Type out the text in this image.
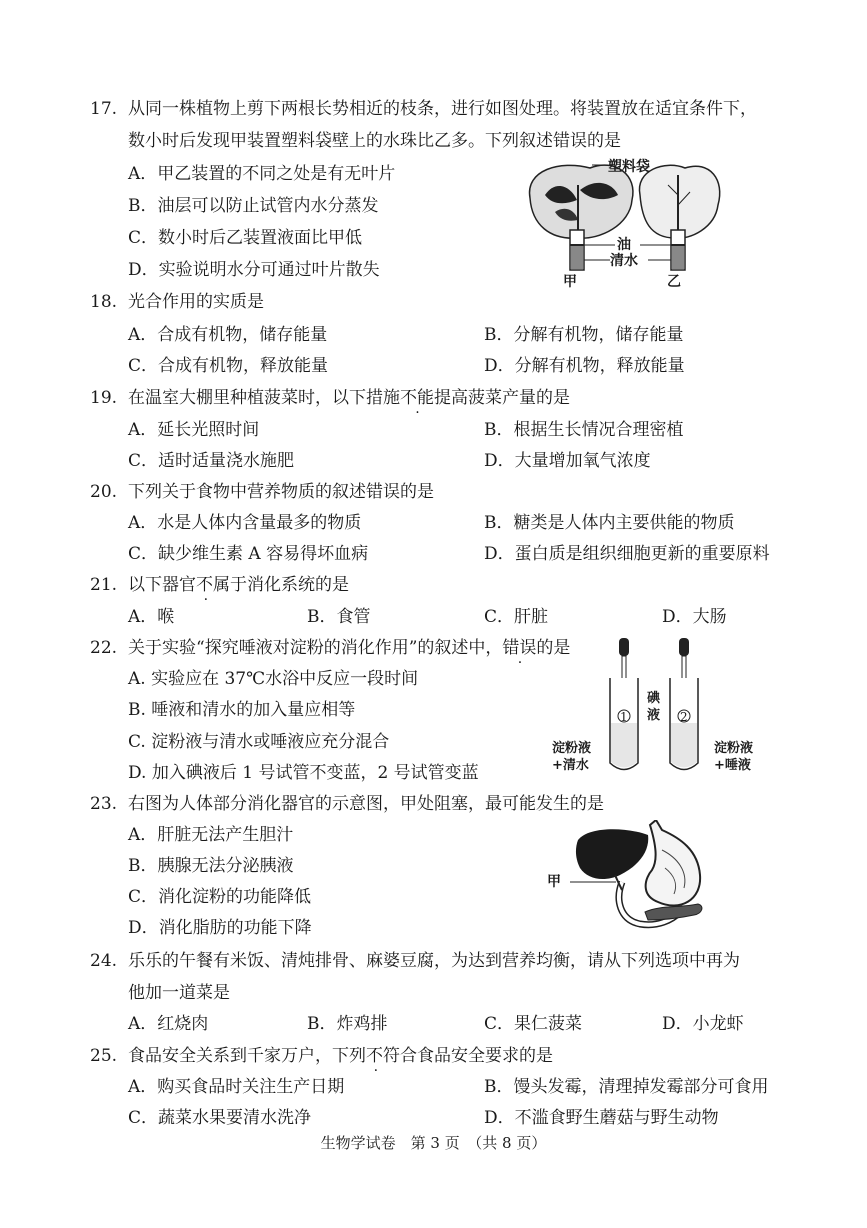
17. 从同一株植物上剪下两根长势相近的枝条，进行如图处理。将装置放在适宜条件下，
数小时后发现甲装置塑料袋壁上的水珠比乙多。下列叙述错误的是
A．甲乙装置的不同之处是有无叶片
B．油层可以防止试管内水分蒸发
C．数小时后乙装置液面比甲低
D．实验说明水分可通过叶片散失
塑料袋
油
清水
甲	乙
18. 光合作用的实质是
A．合成有机物，储存能量	B．分解有机物，储存能量
C．合成有机物，释放能量	D．分解有机物，释放能量
19. 在温室大棚里种植菠菜时，以下措施不能提高菠菜产量的是
A．延长光照时间	B．根据生长情况合理密植
C．适时适量浇水施肥	D．大量增加氧气浓度
20. 下列关于食物中营养物质的叙述错误的是
A．水是人体内含量最多的物质	B．糖类是人体内主要供能的物质
C．缺少维生素 A 容易得坏血病	D．蛋白质是组织细胞更新的重要原料
21. 以下器官不属于消化系统的是
A．喉	B．食管	C．肝脏	D．大肠
22. 关于实验“探究唾液对淀粉的消化作用”的叙述中，错误的是
A. 实验应在 37℃水浴中反应一段时间
B. 唾液和清水的加入量应相等
C. 淀粉液与清水或唾液应充分混合
D. 加入碘液后 1 号试管不变蓝，2 号试管变蓝
1	2
碘液
淀粉液
+清水
淀粉液
+唾液
23. 右图为人体部分消化器官的示意图，甲处阻塞，最可能发生的是
A．肝脏无法产生胆汁
B．胰腺无法分泌胰液
C．消化淀粉的功能降低
D．消化脂肪的功能下降
甲
24. 乐乐的午餐有米饭、清炖排骨、麻婆豆腐，为达到营养均衡，请从下列选项中再为
他加一道菜是
A．红烧肉	B．炸鸡排	C．果仁菠菜	D．小龙虾
25. 食品安全关系到千家万户，下列不符合食品安全要求的是
A．购买食品时关注生产日期	B．馒头发霉，清理掉发霉部分可食用
C．蔬菜水果要清水洗净	D．不滥食野生蘑菇与野生动物
生物学试卷　第 3 页　（共 8 页）
